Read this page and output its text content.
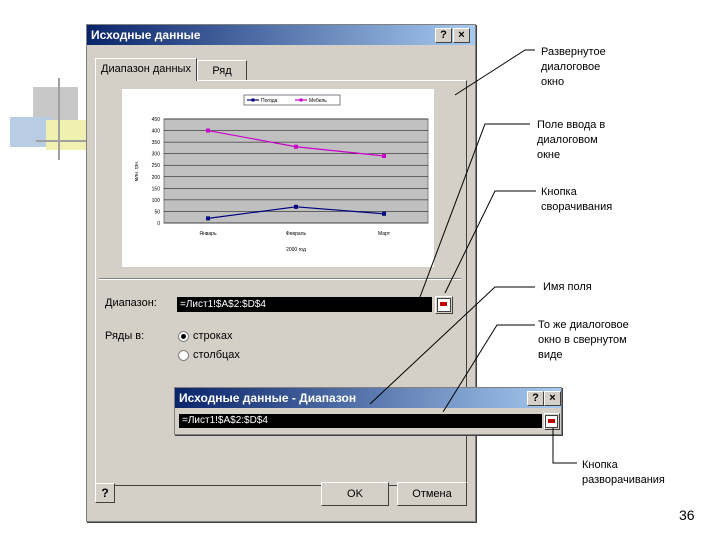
Исходные данные	?	×
Диапазон данных	Ряд
0
50
100
150
200
250
300
350
400
450
Январь	Февраль	Март
2000 год
млн. грн.
Погода	Мебель
Диапазон:	=Лист1!$A$2:$D$4
Ряды в:	строках
столбцах
?	OK	Отмена
Исходные данные - Диапазон	? ×
=Лист1!$A$2:$D$4
Развернутое
диалоговое
окно
Поле ввода в
диалоговом
окне
Кнопка
сворачивания
Имя поля
То же диалоговое
окно в свернутом
виде
Кнопка
разворачивания
36
